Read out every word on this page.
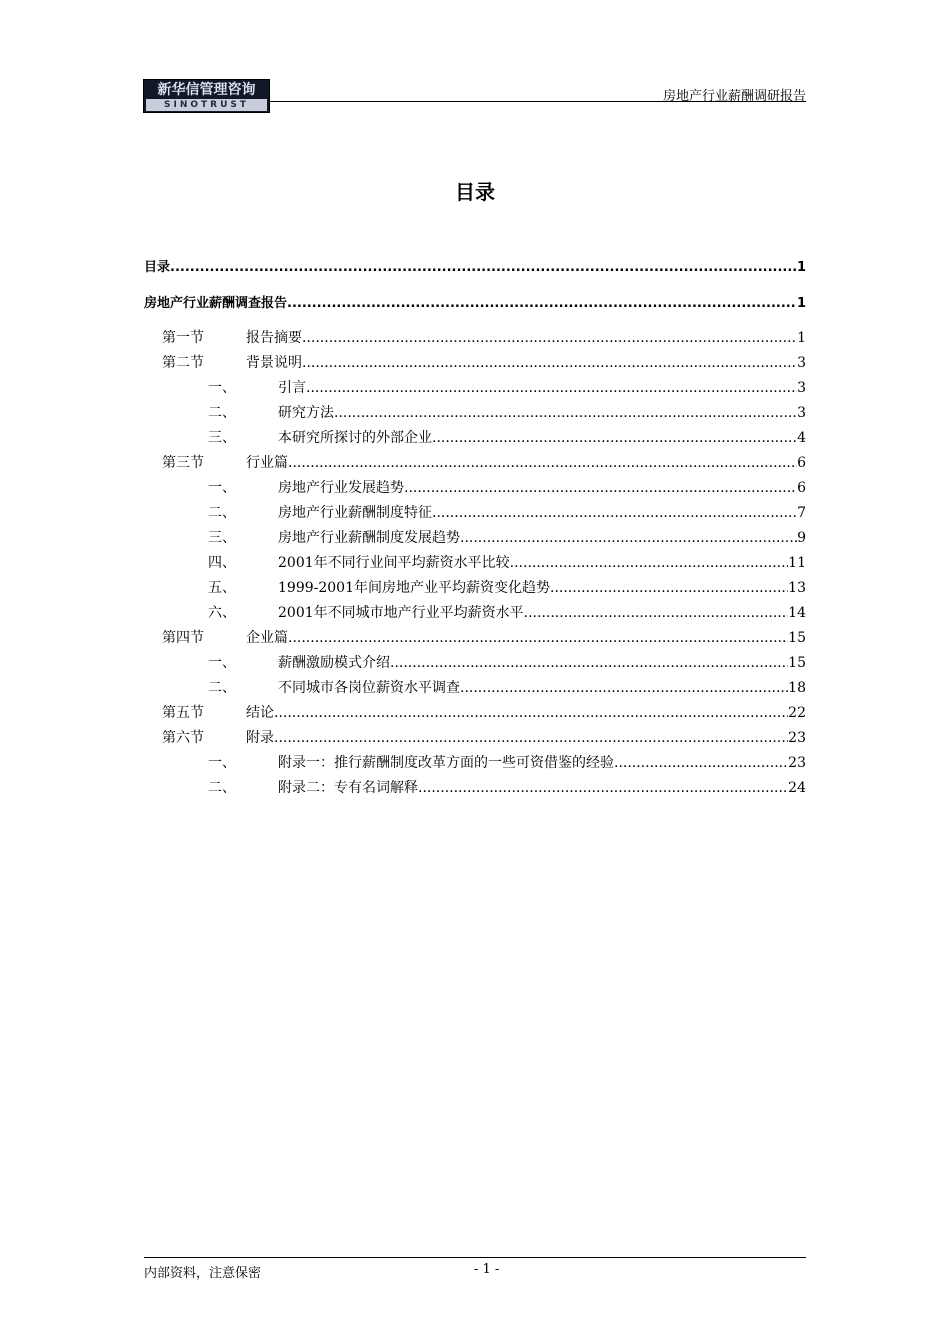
新华信管理咨询
SINOTRUST
房地产行业薪酬调研报告
目录
目录 .....	1
房地产行业薪酬调查报告 .....	1
第一节	报告摘要 .....	1
第二节	背景说明 .....	3
一、	引言 .....	3
二、	研究方法 .....	3
三、	本研究所探讨的外部企业 .....	4
第三节	行业篇 .....	6
一、	房地产行业发展趋势 .....	6
二、	房地产行业薪酬制度特征 .....	7
三、	房地产行业薪酬制度发展趋势 .....	9
四、	2001年不同行业间平均薪资水平比较 .....	11
五、	1999-2001年间房地产业平均薪资变化趋势 .....	13
六、	2001年不同城市地产行业平均薪资水平 .....	14
第四节	企业篇 .....	15
一、	薪酬激励模式介绍 .....	15
二、	不同城市各岗位薪资水平调查 .....	18
第五节	结论 .....	22
第六节	附录 .....	23
一、	附录一：推行薪酬制度改革方面的一些可资借鉴的经验 .....	23
二、	附录二：专有名词解释 .....	24
内部资料，注意保密	- 1 -
